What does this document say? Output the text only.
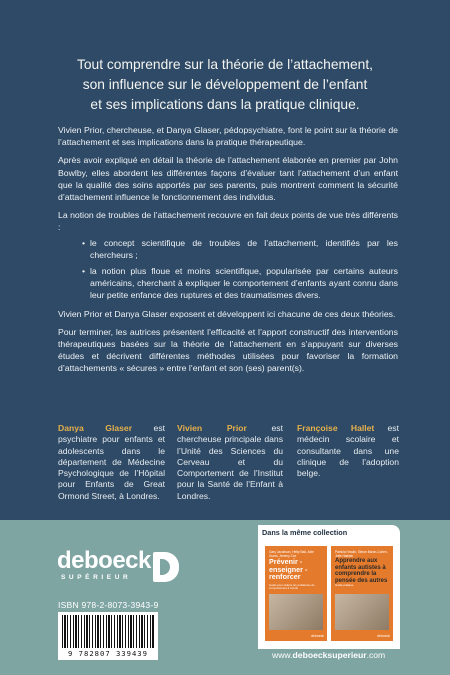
Tout comprendre sur la théorie de l’attachement,
son influence sur le développement de l’enfant
et ses implications dans la pratique clinique.

Vivien Prior, chercheuse, et Danya Glaser, pédopsychiatre, font le point sur la théorie de l’attachement et ses implications dans la pratique thérapeutique.

Après avoir expliqué en détail la théorie de l’attachement élaborée en premier par John Bowlby, elles abordent les différentes façons d’évaluer tant l’attachement d’un enfant que la qualité des soins apportés par ses parents, puis montrent comment la sécurité d’attachement influence le fonctionnement des individus.

La notion de troubles de l’attachement recouvre en fait deux points de vue très différents :

• le concept scientifique de troubles de l’attachement, identifiés par les chercheurs ;
• la notion plus floue et moins scientifique, popularisée par certains auteurs américains, cherchant à expliquer le comportement d’enfants ayant connu dans leur petite enfance des ruptures et des traumatismes divers.

Vivien Prior et Danya Glaser exposent et développent ici chacune de ces deux théories.

Pour terminer, les autrices présentent l’efficacité et l’apport constructif des interventions thérapeutiques basées sur la théorie de l’attachement en s’appuyant sur diverses études et décrivent différentes méthodes utilisées pour favoriser la formation d’attachements « sécures » entre l’enfant et son (ses) parent(s).

Danya Glaser est psychiatre pour enfants et adolescents dans le département de Médecine Psychologique de l’Hôpital pour Enfants de Great Ormond Street, à Londres.
Vivien Prior est chercheuse principale dans l’Unité des Sciences du Cerveau et du Comportement de l’Institut pour la Santé de l’Enfant à Londres.
Françoise Hallet est médecin scolaire et consultante dans une clinique de l’adoption belge.
deboeck
SUPÉRIEUR
ISBN 978-2-8073-3943-9
9 782807 339439
Dans la même collection
Gary Jacobson, Hetty Ball, Arlie Guest, Jeremy Cox
Prévenir - enseigner - renforcer
Guide pour réduire les problèmes de comportement à l’école
deboeck
Patricia Howlin, Simon Baron-Cohen, Julie Hadwin
Apprendre aux enfants autistes à comprendre la pensée des autres
Guide pratique
deboeck
www.deboecksuperieur.com
